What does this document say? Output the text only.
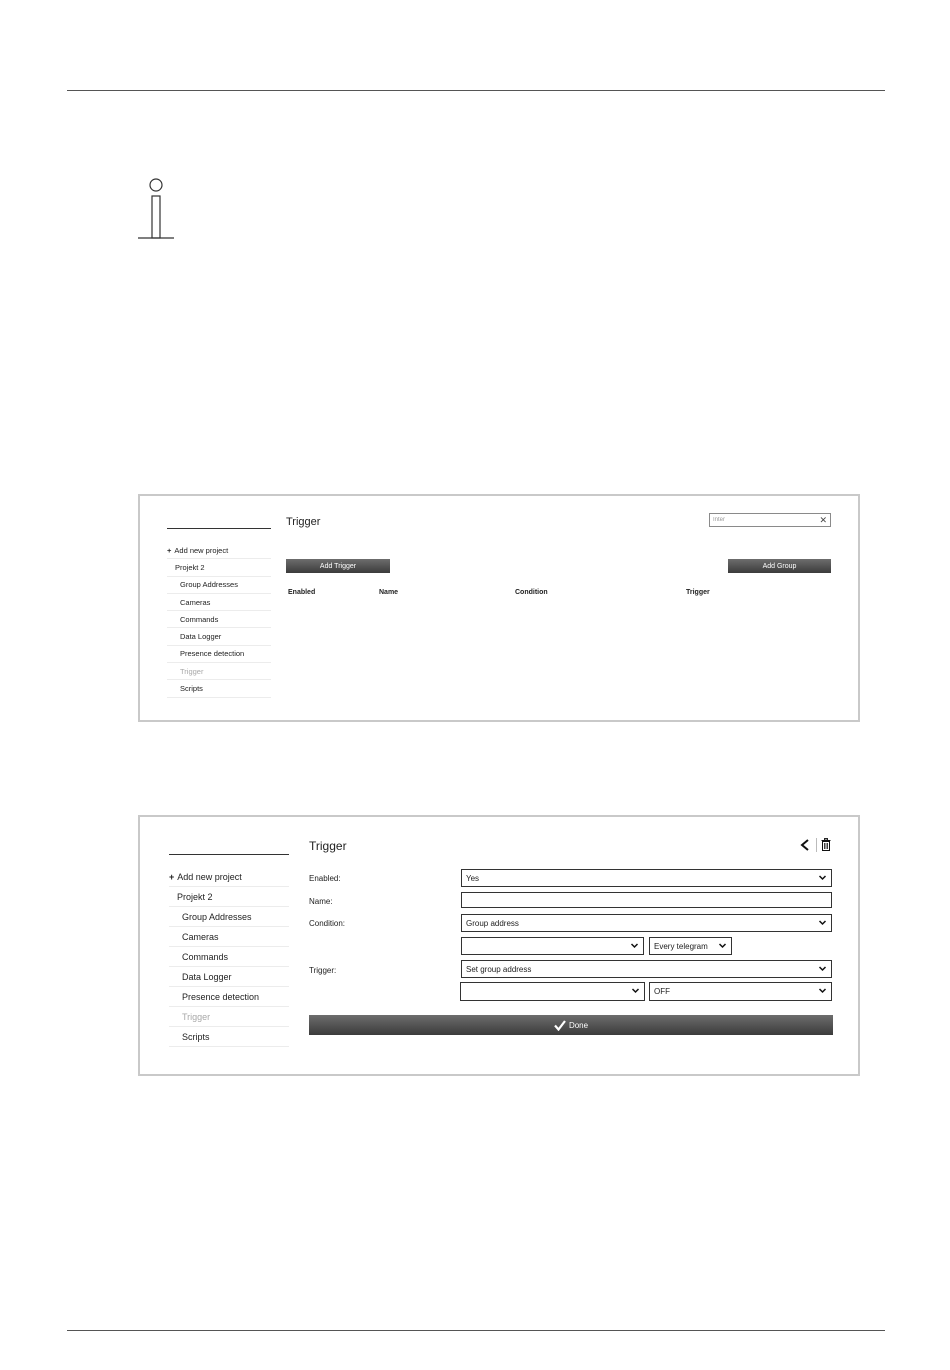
+ Add new project
Projekt 2
Group Addresses
Cameras
Commands
Data Logger
Presence detection
Trigger
Scripts
Trigger
Inter	✕
Add Trigger	Add Group
Enabled	Name	Condition	Trigger
+ Add new project
Projekt 2
Group Addresses
Cameras
Commands
Data Logger
Presence detection
Trigger
Scripts
Trigger
Enabled:	Yes
Name:
Condition:	Group address
Every telegram
Trigger:	Set group address
OFF
Done
